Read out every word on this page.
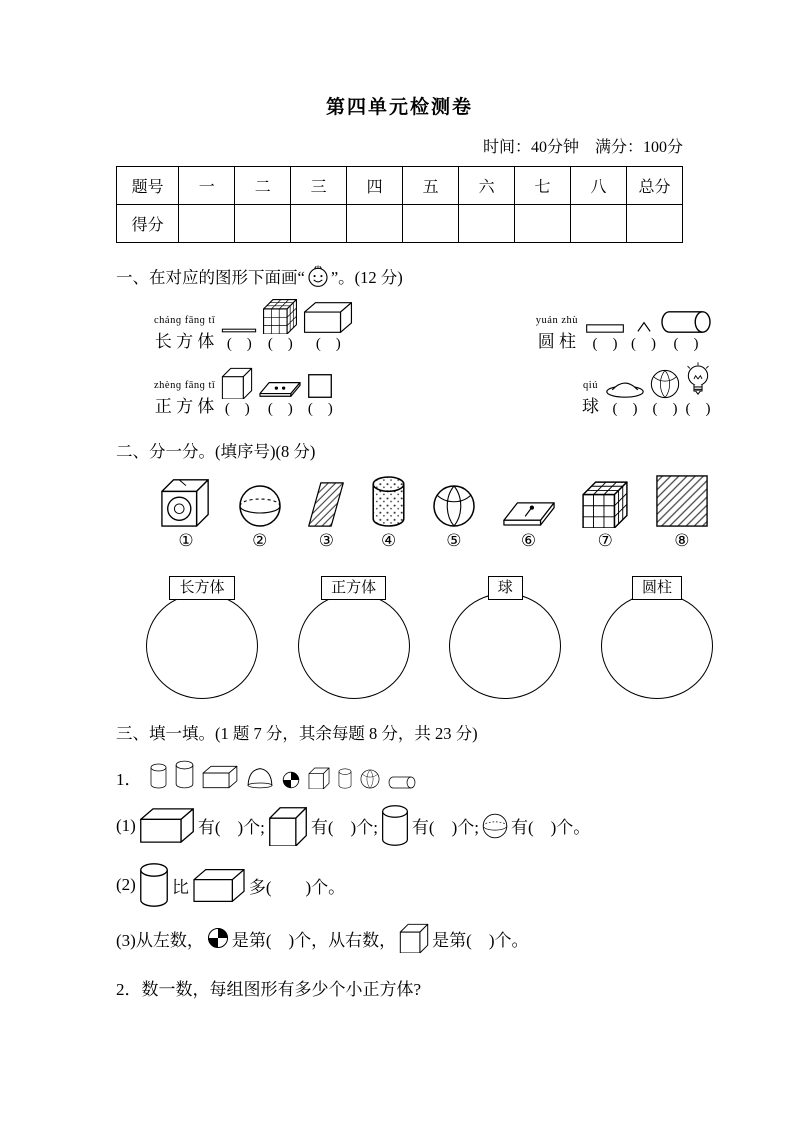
第四单元检测卷
时间：40分钟　满分：100分
题号	一	二	三	四	五	六	七	八	总分
得分									
一、在对应的图形下面画“ ”。(12 分)
chánɡ fānɡ tǐ
长 方 体 (　) (　) (　)
yuán zhù
圆 柱 (　) (　) (　)
zhènɡ fānɡ tǐ
正 方 体 (　) (　) (　)
qiú
球 (　) (　) (　)
二、分一分。(填序号)(8 分)
①	②	③	④	⑤	⑥	⑦	⑧
长方体	正方体	球	圆柱
三、填一填。(1 题 7 分，其余每题 8 分，共 23 分)
1．
(1)	有(　)个;	有(　)个; 有(　)个; 有(　)个。
(2) 比	多(　　)个。
(3)从左数， 是第(　)个，从右数， 是第(　)个。
2．数一数，每组图形有多少个小正方体?
